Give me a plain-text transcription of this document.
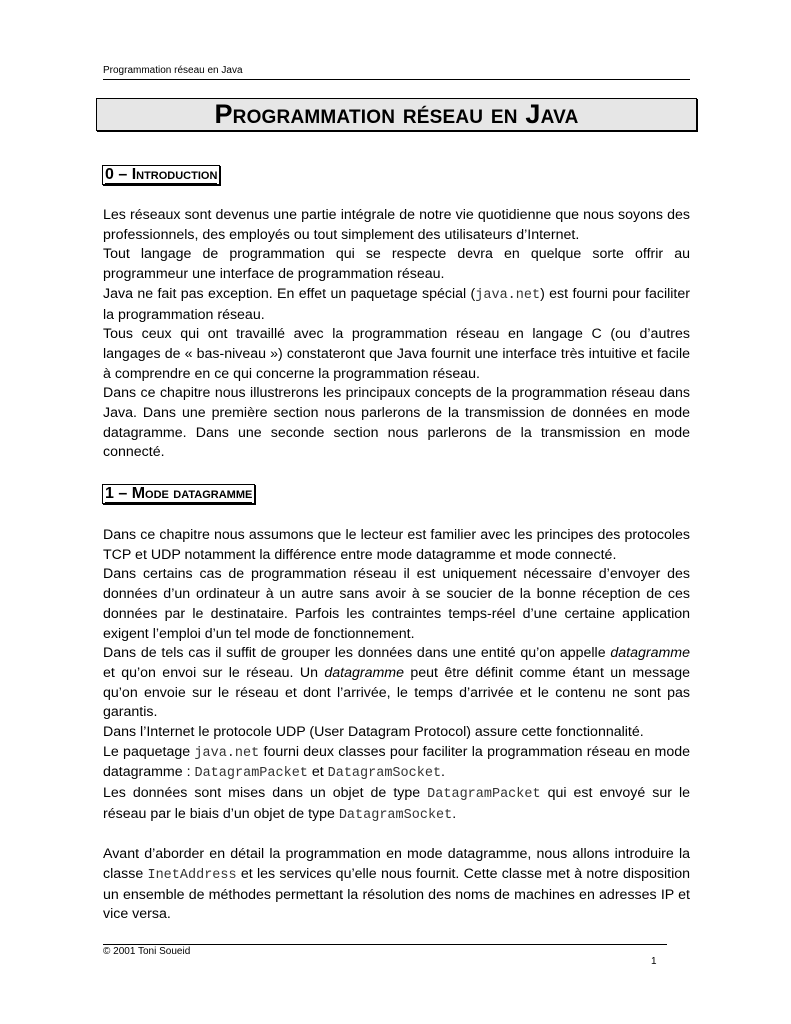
Programmation réseau en Java
Programmation réseau en Java
0 – Introduction

Les réseaux sont devenus une partie intégrale de notre vie quotidienne que nous soyons des professionnels, des employés ou tout simplement des utilisateurs d’Internet.

Tout langage de programmation qui se respecte devra en quelque sorte offrir au programmeur une interface de programmation réseau.

Java ne fait pas exception. En effet un paquetage spécial (java.net) est fourni pour faciliter la programmation réseau.

Tous ceux qui ont travaillé avec la programmation réseau en langage C (ou d’autres langages de « bas-niveau ») constateront que Java fournit une interface très intuitive et facile à comprendre en ce qui concerne la programmation réseau.

Dans ce chapitre nous illustrerons les principaux concepts de la programmation réseau dans Java. Dans une première section nous parlerons de la transmission de données en mode datagramme. Dans une seconde section nous parlerons de la transmission en mode connecté.

1 – Mode datagramme

Dans ce chapitre nous assumons que le lecteur est familier avec les principes des protocoles TCP et UDP notamment la différence entre mode datagramme et mode connecté.

Dans certains cas de programmation réseau il est uniquement nécessaire d’envoyer des données d’un ordinateur à un autre sans avoir à se soucier de la bonne réception de ces données par le destinataire. Parfois les contraintes temps-réel d’une certaine application exigent l’emploi d’un tel mode de fonctionnement.

Dans de tels cas il suffit de grouper les données dans une entité qu’on appelle datagramme et qu’on envoi sur le réseau. Un datagramme peut être définit comme étant un message qu’on envoie sur le réseau et dont l’arrivée, le temps d’arrivée et le contenu ne sont pas garantis.

Dans l’Internet le protocole UDP (User Datagram Protocol) assure cette fonctionnalité.

Le paquetage java.net fourni deux classes pour faciliter la programmation réseau en mode datagramme : DatagramPacket et DatagramSocket.

Les données sont mises dans un objet de type DatagramPacket qui est envoyé sur le réseau par le biais d’un objet de type DatagramSocket.

Avant d’aborder en détail la programmation en mode datagramme, nous allons introduire la classe InetAddress et les services qu’elle nous fournit. Cette classe met à notre disposition un ensemble de méthodes permettant la résolution des noms de machines en adresses IP et vice versa.

© 2001 Toni Soueid
1
